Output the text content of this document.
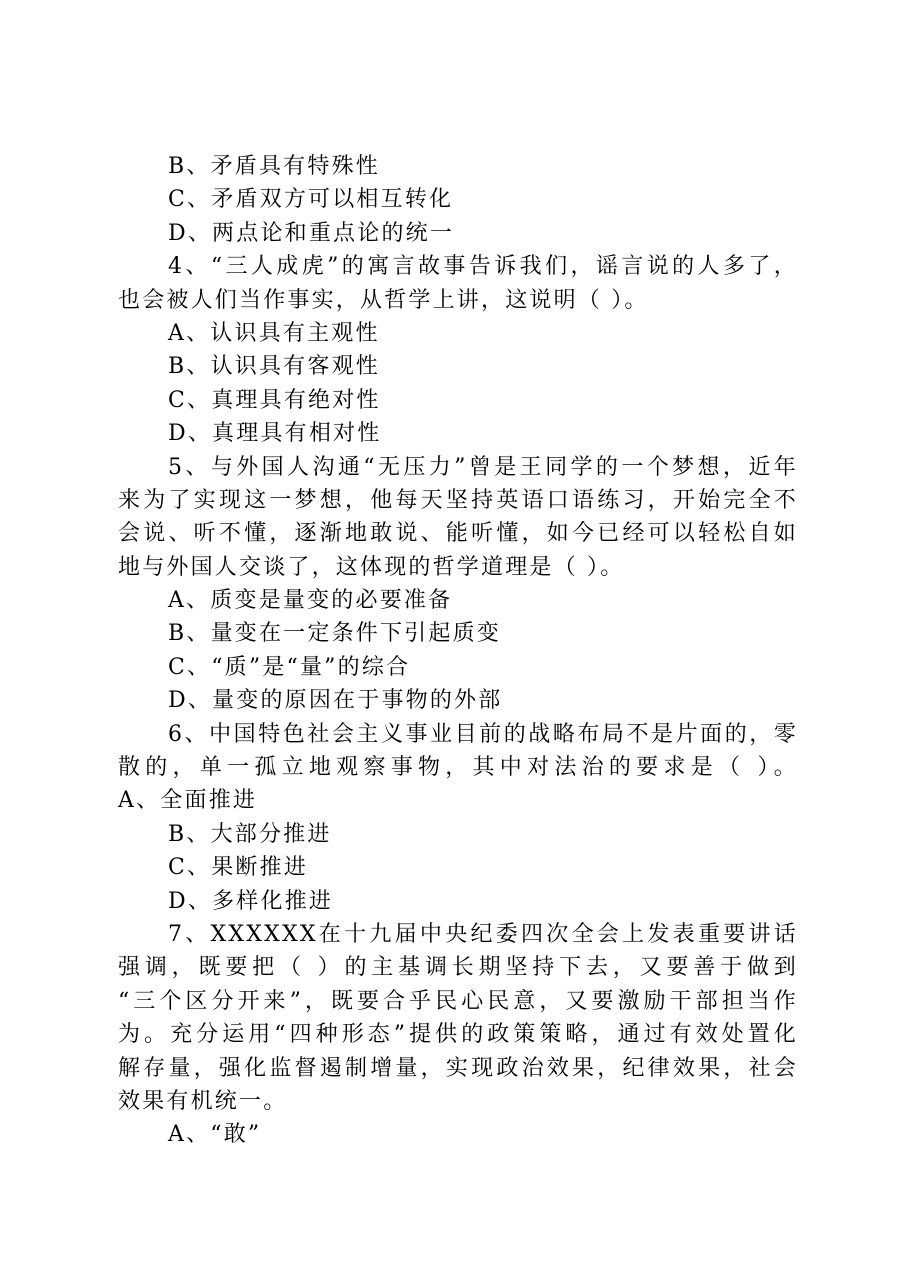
B、矛盾具有特殊性
C、矛盾双方可以相互转化
D、两点论和重点论的统一
4、“三人成虎”的寓言故事告诉我们，谣言说的人多了，
也会被人们当作事实，从哲学上讲，这说明（ ）。
A、认识具有主观性
B、认识具有客观性
C、真理具有绝对性
D、真理具有相对性
5、与外国人沟通“无压力”曾是王同学的一个梦想，近年
来为了实现这一梦想，他每天坚持英语口语练习，开始完全不
会说、听不懂，逐渐地敢说、能听懂，如今已经可以轻松自如
地与外国人交谈了，这体现的哲学道理是（ ）。
A、质变是量变的必要准备
B、量变在一定条件下引起质变
C、“质”是“量”的综合
D、量变的原因在于事物的外部
6、中国特色社会主义事业目前的战略布局不是片面的，零
散的，单一孤立地观察事物，其中对法治的要求是（ ）。
A、全面推进
B、大部分推进
C、果断推进
D、多样化推进
7、XXXXXX在十九届中央纪委四次全会上发表重要讲话
强调，既要把（ ）的主基调长期坚持下去，又要善于做到
“三个区分开来”，既要合乎民心民意，又要激励干部担当作
为。充分运用“四种形态”提供的政策策略，通过有效处置化
解存量，强化监督遏制增量，实现政治效果，纪律效果，社会
效果有机统一。
A、“敢”
